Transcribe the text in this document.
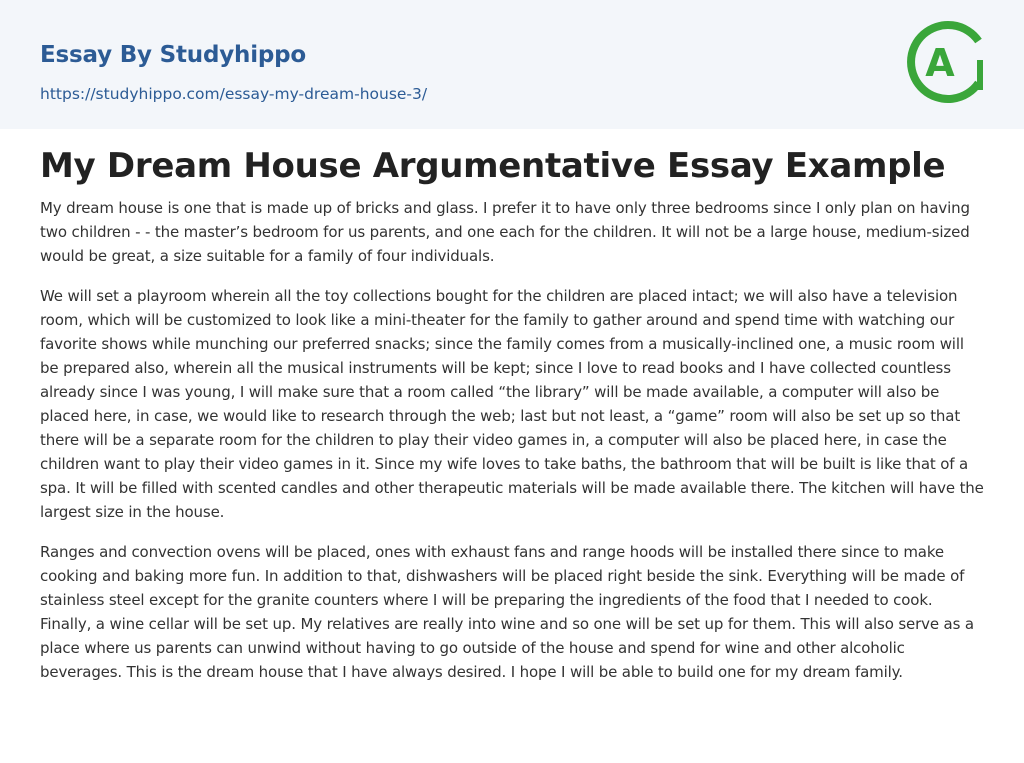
Essay By Studyhippo
https://studyhippo.com/essay-my-dream-house-3/
A
My Dream House Argumentative Essay Example

My dream house is one that is made up of bricks and glass. I prefer it to have only three bedrooms since I only plan on having two children - - the master’s bedroom for us parents, and one each for the children. It will not be a large house, medium-sized would be great, a size suitable for a family of four individuals.

We will set a playroom wherein all the toy collections bought for the children are placed intact; we will also have a television room, which will be customized to look like a mini-theater for the family to gather around and spend time with watching our favorite shows while munching our preferred snacks; since the family comes from a musically-inclined one, a music room will be prepared also, wherein all the musical instruments will be kept; since I love to read books and I have collected countless already since I was young, I will make sure that a room called “the library” will be made available, a computer will also be placed here, in case, we would like to research through the web; last but not least, a “game” room will also be set up so that there will be a separate room for the children to play their video games in, a computer will also be placed here, in case the children want to play their video games in it. Since my wife loves to take baths, the bathroom that will be built is like that of a spa. It will be filled with scented candles and other therapeutic materials will be made available there. The kitchen will have the largest size in the house.

Ranges and convection ovens will be placed, ones with exhaust fans and range hoods will be installed there since to make cooking and baking more fun. In addition to that, dishwashers will be placed right beside the sink. Everything will be made of stainless steel except for the granite counters where I will be preparing the ingredients of the food that I needed to cook. Finally, a wine cellar will be set up. My relatives are really into wine and so one will be set up for them. This will also serve as a place where us parents can unwind without having to go outside of the house and spend for wine and other alcoholic beverages. This is the dream house that I have always desired. I hope I will be able to build one for my dream family.
